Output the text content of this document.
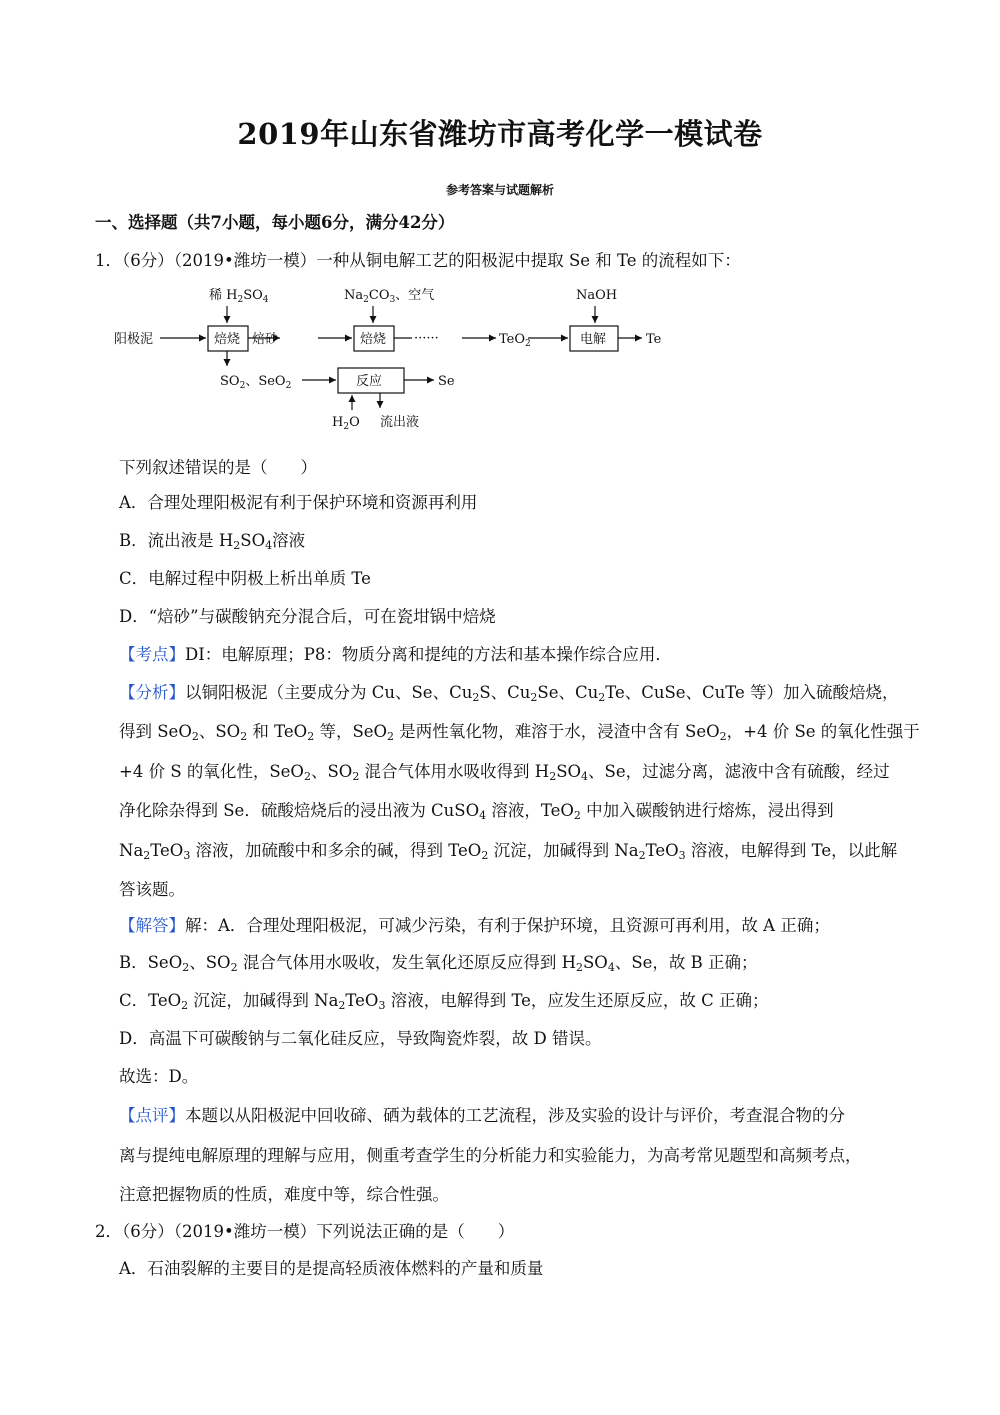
2019年山东省潍坊市高考化学一模试卷
参考答案与试题解析
一、选择题（共7小题，每小题6分，满分42分）
1．（6分）（2019•潍坊一模）一种从铜电解工艺的阳极泥中提取 Se 和 Te 的流程如下：
阳极泥
稀 $H_2SO_4$
焙烧 焙砂
$Na_2CO_3$、空气
焙烧 ······	TeO$_2$
NaOH
电解	Te
$SO_2$、SeO$_2$	反应	Se
$H_2O$ 流出液
下列叙述错误的是（　　）
A．合理处理阳极泥有利于保护环境和资源再利用
B．流出液是 $H_2SO_4$溶液
C．电解过程中阴极上析出单质 Te
D．“焙砂”与碳酸钠充分混合后，可在瓷坩锅中焙烧
【考点】DI：电解原理；P8：物质分离和提纯的方法和基本操作综合应用．
【分析】以铜阳极泥（主要成分为 Cu、Se、$Cu_2S$、$Cu_2Se$、$Cu_2Te$、CuSe、CuTe 等）加入硫酸焙烧，
得到 SeO$_2$、$SO_2$ 和 TeO$_2$ 等，SeO$_2$ 是两性氧化物，难溶于水，浸渣中含有 SeO$_2$，+4 价 Se 的氧化性强于
+4 价 S 的氧化性，SeO$_2$、$SO_2$ 混合气体用水吸收得到 $H_2SO_4$、Se，过滤分离，滤液中含有硫酸，经过
净化除杂得到 Se．硫酸焙烧后的浸出液为 CuSO$_4$ 溶液，TeO$_2$ 中加入碳酸钠进行熔炼，浸出得到
$Na_2TeO_3$ 溶液，加硫酸中和多余的碱，得到 TeO$_2$ 沉淀，加碱得到 $Na_2TeO_3$ 溶液，电解得到 Te，以此解
答该题。
【解答】解：A．合理处理阳极泥，可减少污染，有利于保护环境，且资源可再利用，故 A 正确；
B．SeO$_2$、$SO_2$ 混合气体用水吸收，发生氧化还原反应得到 $H_2SO_4$、Se，故 B 正确；
C．TeO$_2$ 沉淀，加碱得到 $Na_2TeO_3$ 溶液，电解得到 Te，应发生还原反应，故 C 正确；
D．高温下可碳酸钠与二氧化硅反应，导致陶瓷炸裂，故 D 错误。
故选：D。
【点评】本题以从阳极泥中回收碲、硒为载体的工艺流程，涉及实验的设计与评价，考查混合物的分
离与提纯电解原理的理解与应用，侧重考查学生的分析能力和实验能力，为高考常见题型和高频考点，
注意把握物质的性质，难度中等，综合性强。
2．（6分）（2019•潍坊一模）下列说法正确的是（　　）
A．石油裂解的主要目的是提高轻质液体燃料的产量和质量
